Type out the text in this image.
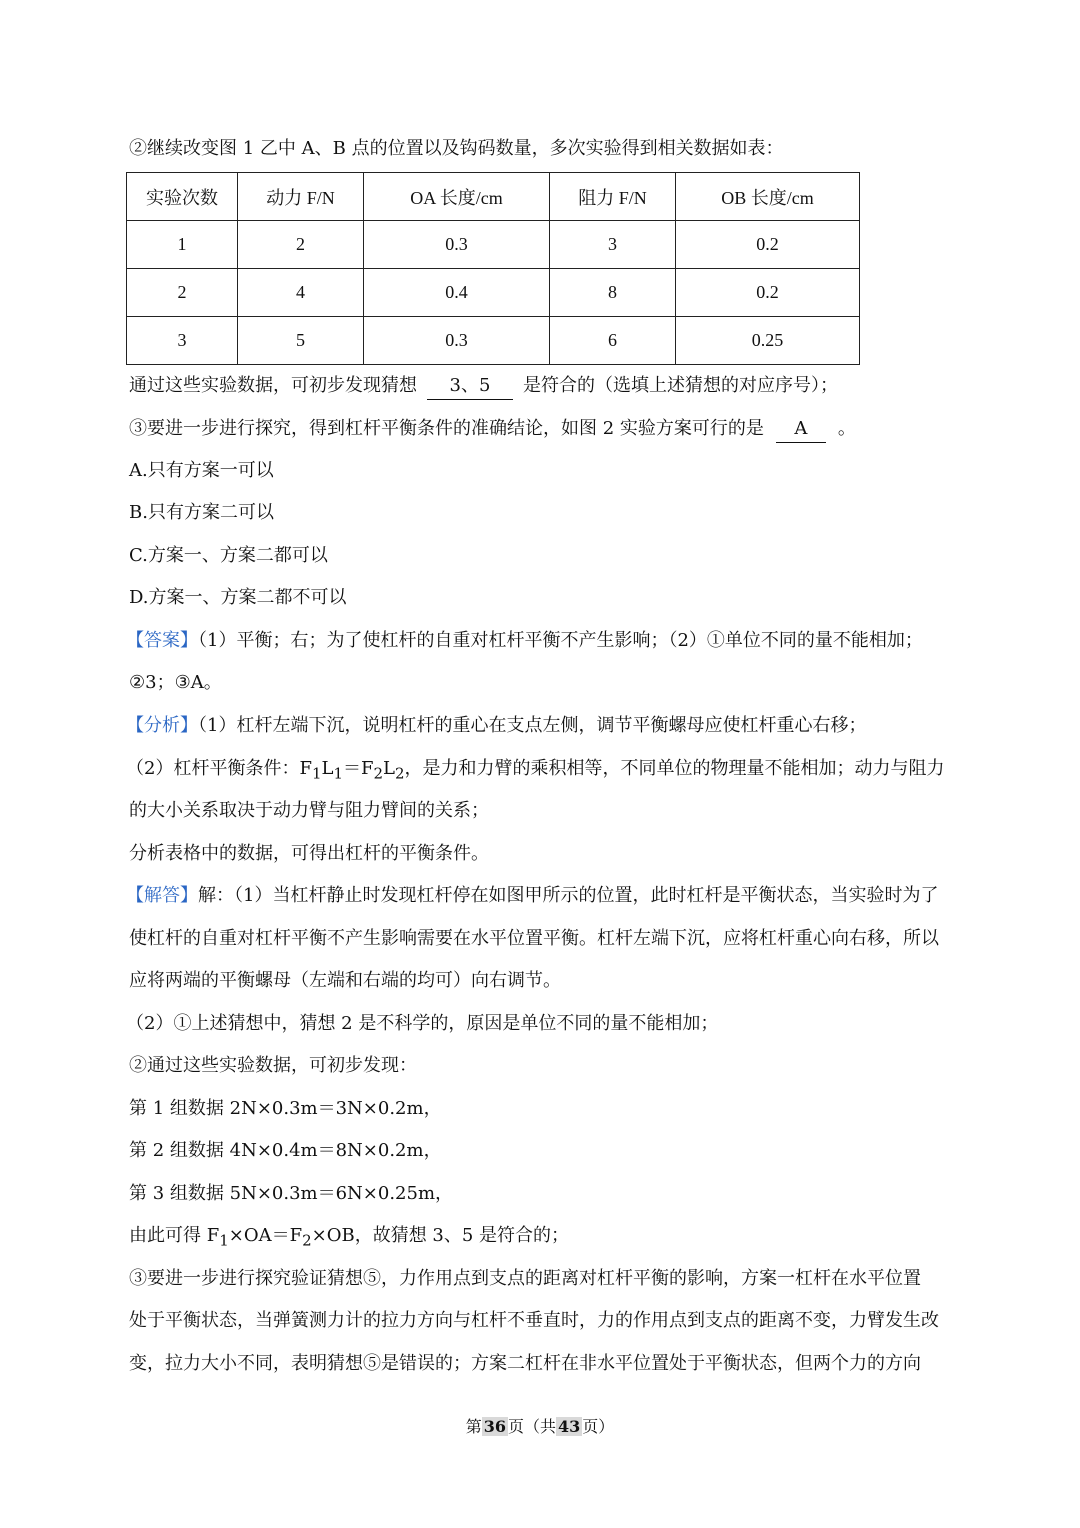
②继续改变图 1 乙中 A、B 点的位置以及钩码数量，多次实验得到相关数据如表：
实验次数	动力 F/N	OA 长度/cm	阻力 F/N	OB 长度/cm
1	2	0.3	3	0.2
2	4	0.4	8	0.2
3	5	0.3	6	0.25
通过这些实验数据，可初步发现猜想 3、5 是符合的（选填上述猜想的对应序号）；
③要进一步进行探究，得到杠杆平衡条件的准确结论，如图 2 实验方案可行的是 A 。
A.只有方案一可以
B.只有方案二可以
C.方案一、方案二都可以
D.方案一、方案二都不可以
【答案】（1）平衡；右；为了使杠杆的自重对杠杆平衡不产生影响；（2）①单位不同的量不能相加；
②3；③A。
【分析】（1）杠杆左端下沉，说明杠杆的重心在支点左侧，调节平衡螺母应使杠杆重心右移；
（2）杠杆平衡条件：$F_1L_1=F_2L_2$，是力和力臂的乘积相等，不同单位的物理量不能相加；动力与阻力
的大小关系取决于动力臂与阻力臂间的关系；
分析表格中的数据，可得出杠杆的平衡条件。
【解答】解：（1）当杠杆静止时发现杠杆停在如图甲所示的位置，此时杠杆是平衡状态，当实验时为了
使杠杆的自重对杠杆平衡不产生影响需要在水平位置平衡。杠杆左端下沉，应将杠杆重心向右移，所以
应将两端的平衡螺母（左端和右端的均可）向右调节。
（2）①上述猜想中，猜想 2 是不科学的，原因是单位不同的量不能相加；
②通过这些实验数据，可初步发现：
第 1 组数据 2N×0.3m＝3N×0.2m，
第 2 组数据 4N×0.4m＝8N×0.2m，
第 3 组数据 5N×0.3m＝6N×0.25m，
由此可得 $F_1\times OA=F_2\times OB$，故猜想 3、5 是符合的；
③要进一步进行探究验证猜想⑤，力作用点到支点的距离对杠杆平衡的影响，方案一杠杆在水平位置
处于平衡状态，当弹簧测力计的拉力方向与杠杆不垂直时，力的作用点到支点的距离不变，力臂发生改
变，拉力大小不同，表明猜想⑤是错误的；方案二杠杆在非水平位置处于平衡状态，但两个力的方向
第 36 页（共 43 页）
